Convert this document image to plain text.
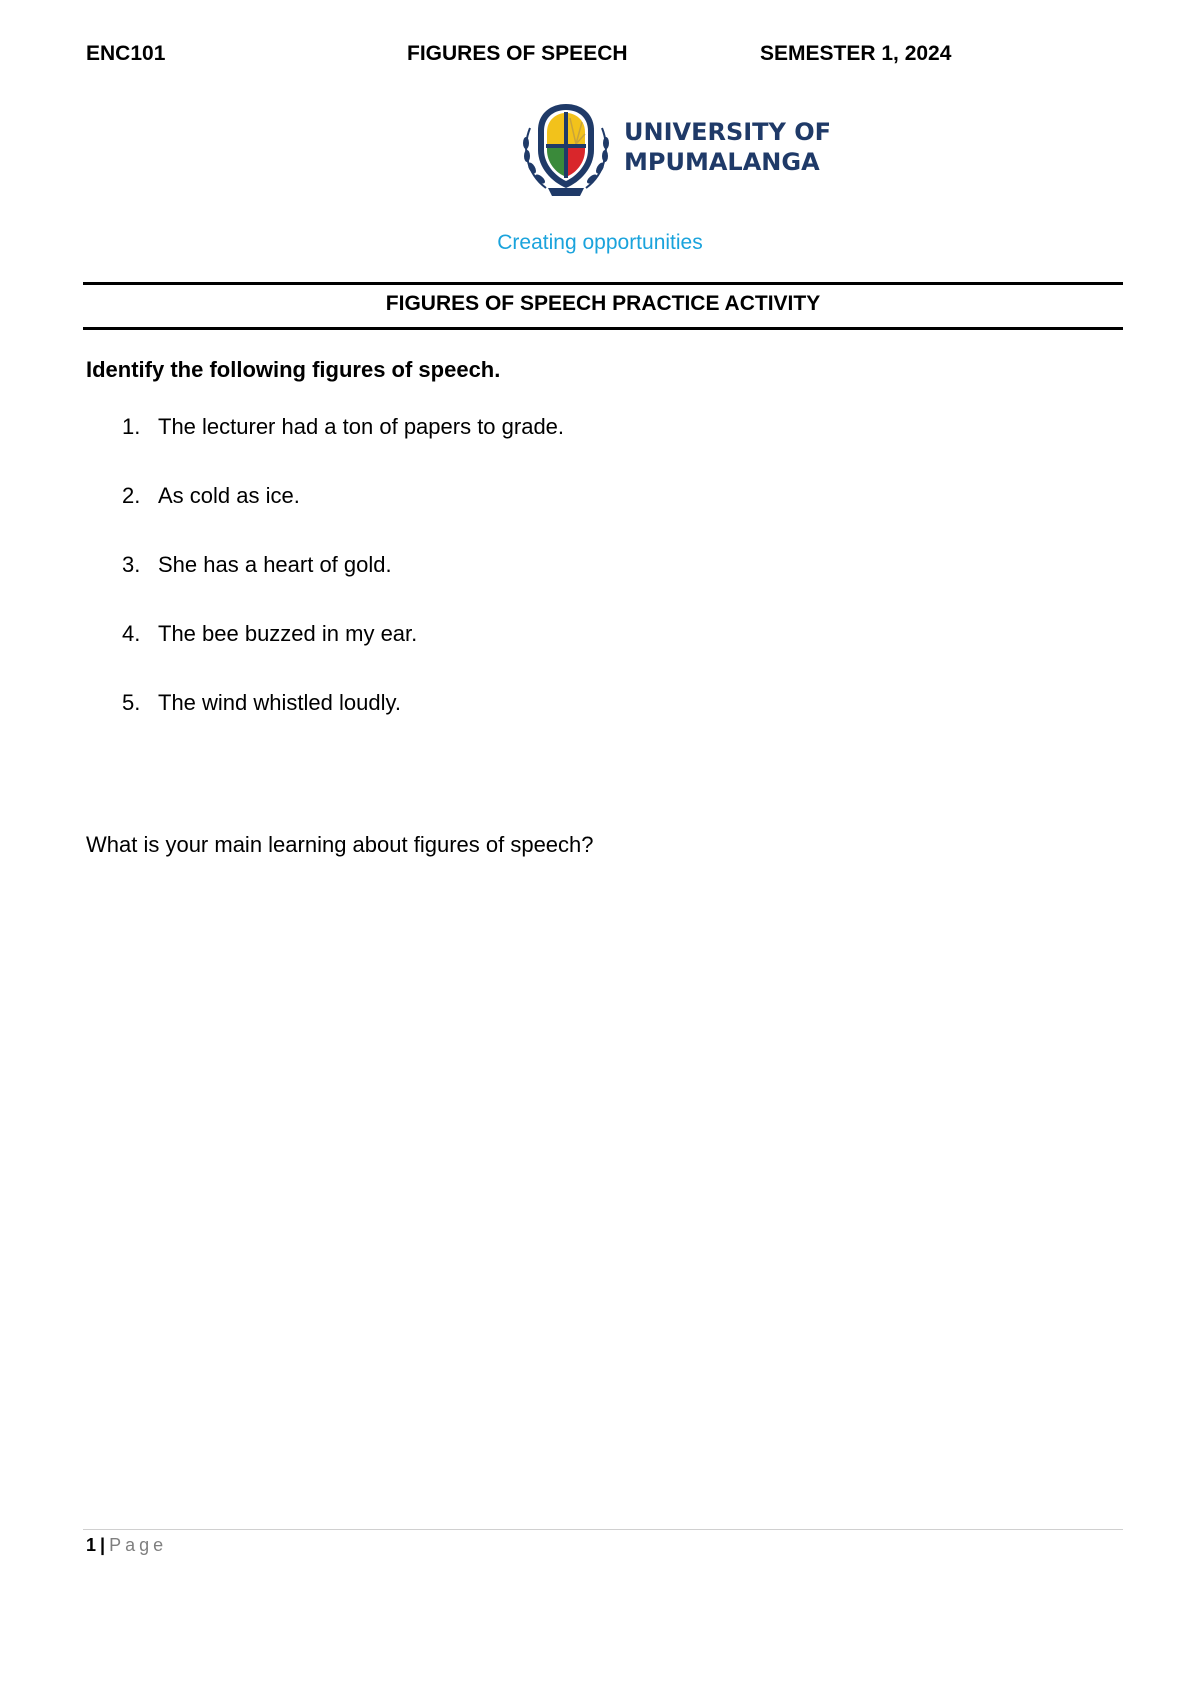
ENC101	FIGURES OF SPEECH	SEMESTER 1, 2024
UNIVERSITY OF
MPUMALANGA
Creating opportunities
FIGURES OF SPEECH PRACTICE ACTIVITY
Identify the following figures of speech.
1. The lecturer had a ton of papers to grade.
2. As cold as ice.
3. She has a heart of gold.
4. The bee buzzed in my ear.
5. The wind whistled loudly.
What is your main learning about figures of speech?
1 | Page
